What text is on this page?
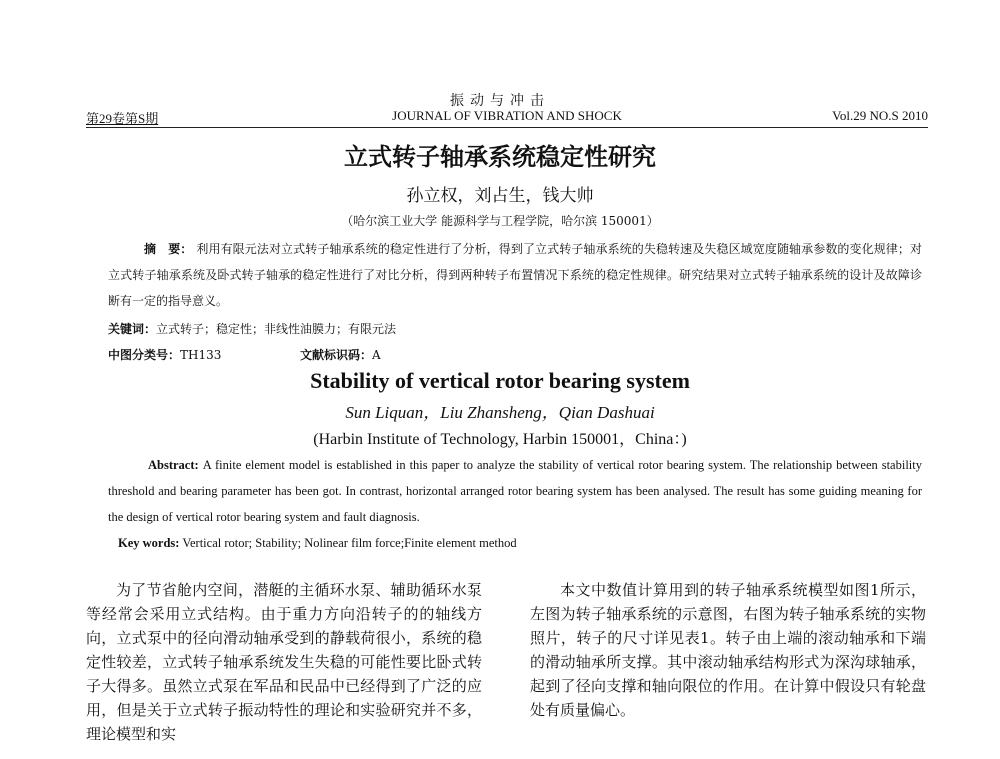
振动与冲击
第29卷第S期	JOURNAL OF VIBRATION AND SHOCK	Vol.29 NO.S 2010
立式转子轴承系统稳定性研究
孙立权，刘占生，钱大帅
（哈尔滨工业大学 能源科学与工程学院，哈尔滨 150001）
摘　要： 利用有限元法对立式转子轴承系统的稳定性进行了分析，得到了立式转子轴承系统的失稳转速及失稳区域宽度随轴承参数的变化规律；对立式转子轴承系统及卧式转子轴承的稳定性进行了对比分析，得到两种转子布置情况下系统的稳定性规律。研究结果对立式转子轴承系统的设计及故障诊断有一定的指导意义。
关键词：立式转子；稳定性；非线性油膜力；有限元法
中图分类号：TH133	文献标识码：A
Stability of vertical rotor bearing system
Sun Liquan，Liu Zhansheng，Qian Dashuai
(Harbin Institute of Technology, Harbin 150001，China：)
Abstract: A finite element model is established in this paper to analyze the stability of vertical rotor bearing system. The relationship between stability threshold and bearing parameter has been got. In contrast, horizontal arranged rotor bearing system has been analysed. The result has some guiding meaning for the design of vertical rotor bearing system and fault diagnosis.
Key words: Vertical rotor; Stability; Nolinear film force;Finite element method

为了节省舱内空间，潜艇的主循环水泵、辅助循环水泵等经常会采用立式结构。由于重力方向沿转子的的轴线方向，立式泵中的径向滑动轴承受到的静载荷很小，系统的稳定性较差，立式转子轴承系统发生失稳的可能性要比卧式转子大得多。虽然立式泵在军品和民品中已经得到了广泛的应用，但是关于立式转子振动特性的理论和实验研究并不多，理论模型和实

本文中数值计算用到的转子轴承系统模型如图1所示，左图为转子轴承系统的示意图，右图为转子轴承系统的实物照片，转子的尺寸详见表1。转子由上端的滚动轴承和下端的滑动轴承所支撑。其中滚动轴承结构形式为深沟球轴承，起到了径向支撑和轴向限位的作用。在计算中假设只有轮盘处有质量偏心。
